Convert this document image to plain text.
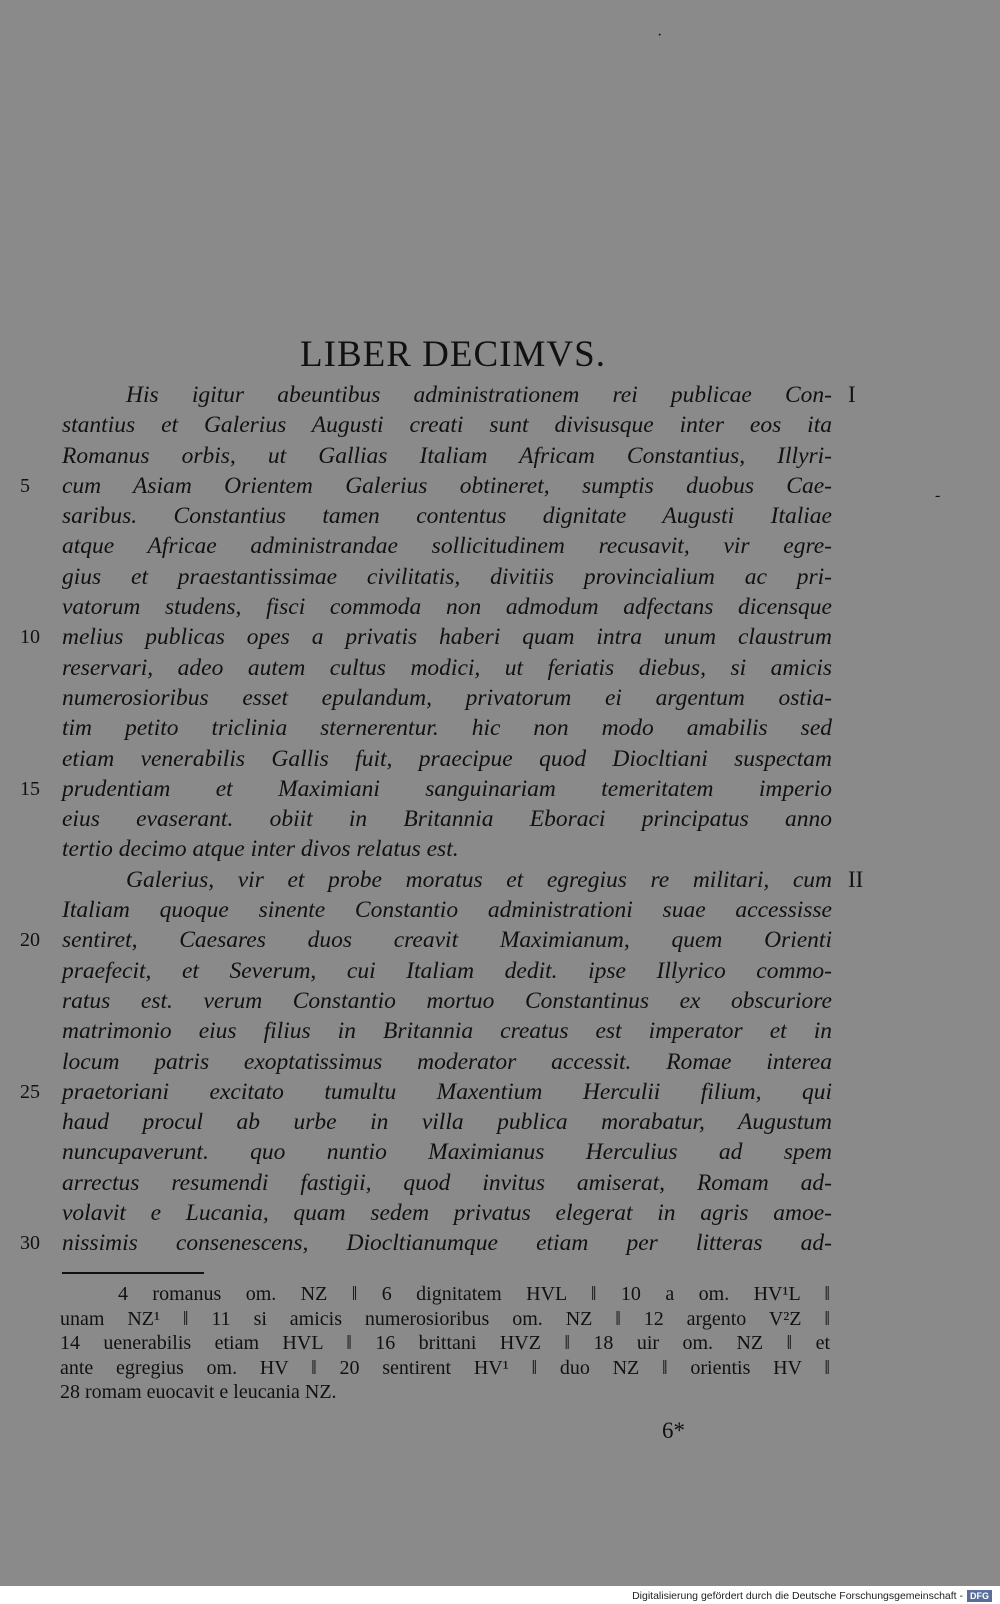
·
-
LIBER DECIMVS.
His igitur abeuntibus administrationem rei publicae Con- I
stantius et Galerius Augusti creati sunt divisusque inter eos ita
Romanus orbis, ut Gallias Italiam Africam Constantius, Illyri-
cum Asiam Orientem Galerius obtineret, sumptis duobus Cae-
5
saribus. Constantius tamen contentus dignitate Augusti Italiae
atque Africae administrandae sollicitudinem recusavit, vir egre-
gius et praestantissimae civilitatis, divitiis provincialium ac pri-
vatorum studens, fisci commoda non admodum adfectans dicensque
melius publicas opes a privatis haberi quam intra unum claustrum
10
reservari, adeo autem cultus modici, ut feriatis diebus, si amicis
numerosioribus esset epulandum, privatorum ei argentum ostia-
tim petito triclinia sternerentur. hic non modo amabilis sed
etiam venerabilis Gallis fuit, praecipue quod Diocltiani suspectam
prudentiam et Maximiani sanguinariam temeritatem imperio
15
eius evaserant. obiit in Britannia Eboraci principatus anno
tertio decimo atque inter divos relatus est.
Galerius, vir et probe moratus et egregius re militari, cum II
Italiam quoque sinente Constantio administrationi suae accessisse
sentiret, Caesares duos creavit Maximianum, quem Orienti
20
praefecit, et Severum, cui Italiam dedit. ipse Illyrico commo-
ratus est. verum Constantio mortuo Constantinus ex obscuriore
matrimonio eius filius in Britannia creatus est imperator et in
locum patris exoptatissimus moderator accessit. Romae interea
praetoriani excitato tumultu Maxentium Herculii filium, qui
25
haud procul ab urbe in villa publica morabatur, Augustum
nuncupaverunt. quo nuntio Maximianus Herculius ad spem
arrectus resumendi fastigii, quod invitus amiserat, Romam ad-
volavit e Lucania, quam sedem privatus elegerat in agris amoe-
nissimis consenescens, Diocltianumque etiam per litteras ad-
30
4 romanus om. NZ ‖ 6 dignitatem HVL ‖ 10 a om. HV¹L ‖
unam NZ¹ ‖ 11 si amicis numerosioribus om. NZ ‖ 12 argento V²Z ‖
14 uenerabilis etiam HVL ‖ 16 brittani HVZ ‖ 18 uir om. NZ ‖ et
ante egregius om. HV ‖ 20 sentirent HV¹ ‖ duo NZ ‖ orientis HV ‖
28 romam euocavit e leucania NZ.
6*
Digitalisierung gefördert durch die Deutsche Forschungsgemeinschaft - DFG
